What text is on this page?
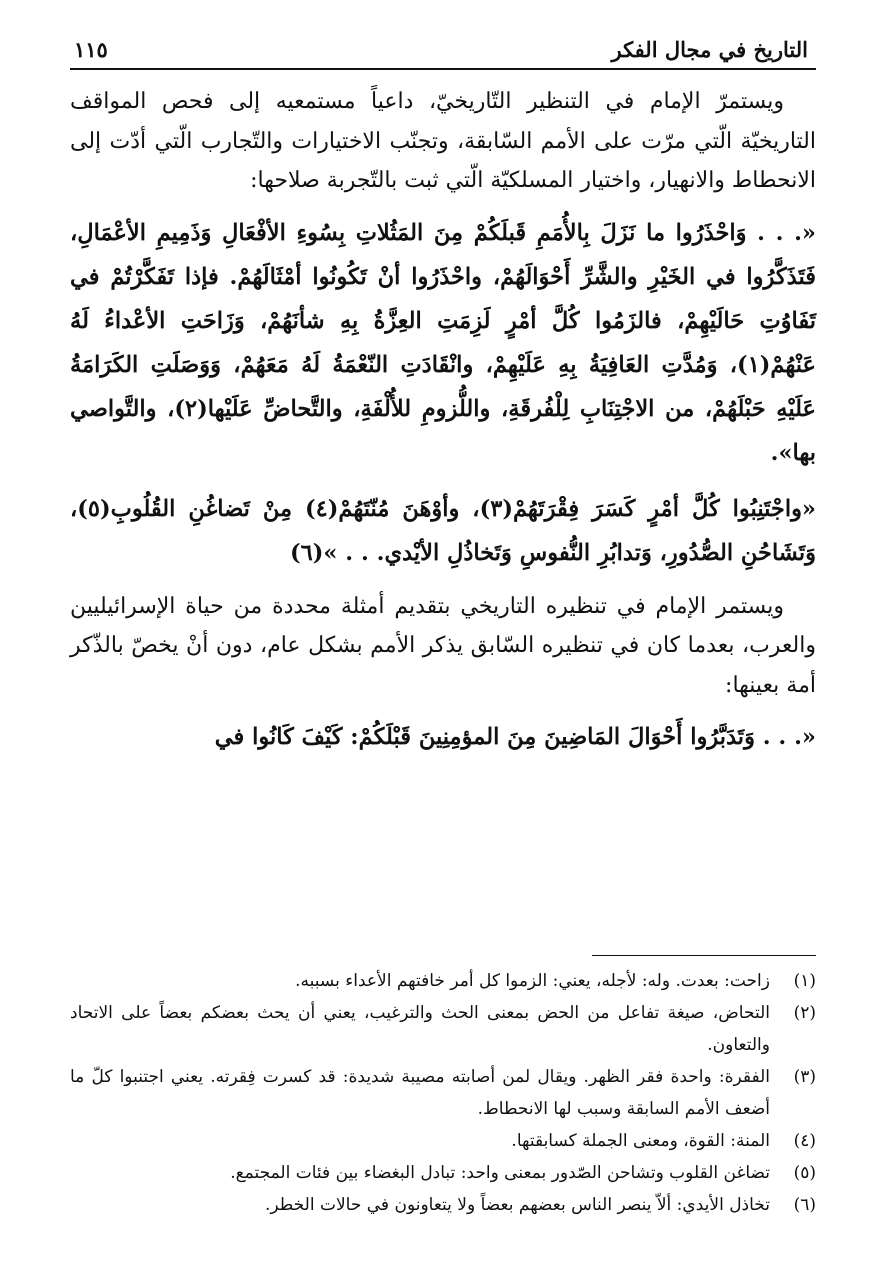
التاريخ في مجال الفكر
١١٥

ويستمرّ الإمام في التنظير التّاريخيّ، داعياً مستمعيه إلى فحص المواقف التاريخيّة الّتي مرّت على الأمم السّابقة، وتجنّب الاختيارات والتّجارب الّتي أدّت إلى الانحطاط والانهيار، واختيار المسلكيّة الّتي ثبت بالتّجربة صلاحها:

«. . . وَاحْذَرُوا ما نَزَلَ بِالأُمَمِ قَبلَكُمْ مِنَ المَثُلاتِ بِسُوءِ الأفْعَالِ وَذَمِيمِ الأعْمَالِ، فَتَذَكَّرُوا في الخَيْرِ والشَّرِّ أَحْوَالَهُمْ، واحْذَرُوا أنْ تَكُونُوا أمْثَالَهُمْ. فإذا تَفَكَّرْتُمْ في تَفَاوُتِ حَالَيْهِمْ، فالزَمُوا كُلَّ أمْرٍ لَزِمَتِ العِزَّةُ بِهِ شأنَهُمْ، وَزَاحَتِ الأعْداءُ لَهُ عَنْهُمْ(١)، وَمُدَّتِ العَافِيَةُ بِهِ عَلَيْهِمْ، وانْقَادَتِ النّعْمَةُ لَهُ مَعَهُمْ، وَوَصَلَتِ الكَرَامَةُ عَلَيْهِ حَبْلَهُمْ، من الاجْتِنَابِ لِلْفُرقَةِ، واللُّزومِ للأُلْفَةِ، والتَّحاضِّ عَلَيْها(٢)، والتَّواصي بها».

«واجْتَنِبُوا كُلَّ أمْرٍ كَسَرَ فِقْرَتَهُمْ(٣)، وأوْهَنَ مُنّتَهُمْ(٤) مِنْ تَضاغُنِ القُلُوبِ(٥)، وَتَشَاحُنِ الصُّدُورِ، وَتدابُرِ النُّفوسِ وَتَخاذُلِ الأيْدي. . . »(٦)

ويستمر الإمام في تنظيره التاريخي بتقديم أمثلة محددة من حياة الإسرائيليين والعرب، بعدما كان في تنظيره السّابق يذكر الأمم بشكل عام، دون أنْ يخصّ بالذّكر أمة بعينها:

«. . . وَتَدَبَّرُوا أَحْوَالَ المَاضِينَ مِنَ المؤمِنِينَ قَبْلَكُمْ: كَيْفَ كَانُوا في

(١)
زاحت: بعدت. وله: لأجله، يعني: الزموا كل أمر خافتهم الأعداء بسببه.
(٢)
التحاض، صيغة تفاعل من الحض بمعنى الحث والترغيب، يعني أن يحث بعضكم بعضاً على الاتحاد والتعاون.
(٣)
الفقرة: واحدة فقر الظهر. ويقال لمن أصابته مصيبة شديدة: قد كسرت فِقرته. يعني اجتنبوا كلّ ما أضعف الأمم السابقة وسبب لها الانحطاط.
(٤)
المنة: القوة، ومعنى الجملة كسابقتها.
(٥)
تضاغن القلوب وتشاحن الصّدور بمعنى واحد: تبادل البغضاء بين فئات المجتمع.
(٦)
تخاذل الأيدي: ألاّ ينصر الناس بعضهم بعضاً ولا يتعاونون في حالات الخطر.
